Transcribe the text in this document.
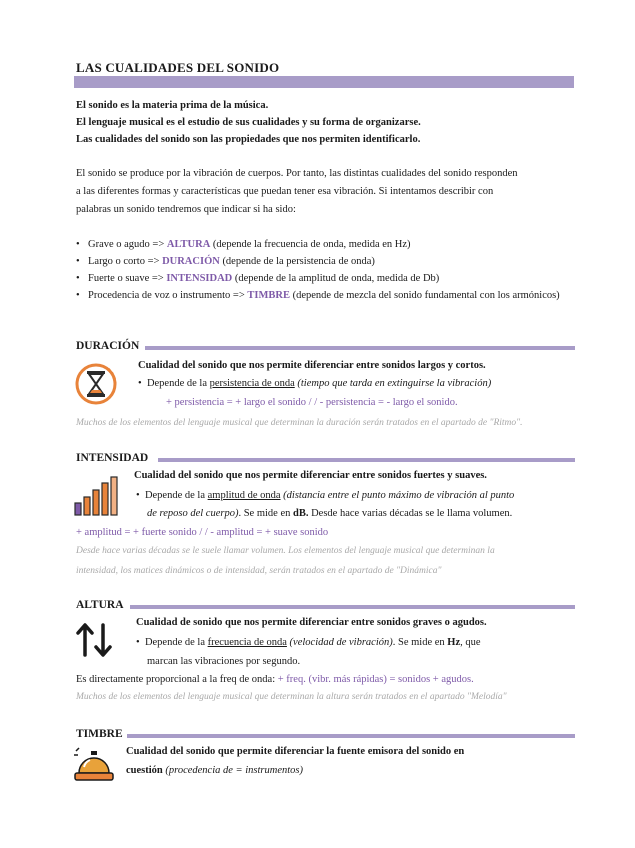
LAS CUALIDADES DEL SONIDO
El sonido es la materia prima de la música.
El lenguaje musical es el estudio de sus cualidades y su forma de organizarse.
Las cualidades del sonido son las propiedades que nos permiten identificarlo.
El sonido se produce por la vibración de cuerpos. Por tanto, las distintas cualidades del sonido responden
a las diferentes formas y características que puedan tener esa vibración. Si intentamos describir con
palabras un sonido tendremos que indicar si ha sido:
• Grave o agudo => ALTURA (depende la frecuencia de onda, medida en Hz)
• Largo o corto => DURACIÓN (depende de la persistencia de onda)
• Fuerte o suave => INTENSIDAD (depende de la amplitud de onda, medida de Db)
• Procedencia de voz o instrumento => TIMBRE (depende de mezcla del sonido fundamental con los armónicos)
DURACIÓN
Cualidad del sonido que nos permite diferenciar entre sonidos largos y cortos.
•  Depende de la persistencia de onda (tiempo que tarda en extinguirse la vibración)
+ persistencia = + largo el sonido / / - persistencia = - largo el sonido.
Muchos de los elementos del lenguaje musical que determinan la duración serán tratados en el apartado de "Ritmo".
INTENSIDAD
Cualidad del sonido que nos permite diferenciar entre sonidos fuertes y suaves.
•  Depende de la amplitud de onda (distancia entre el punto máximo de vibración al punto
de reposo del cuerpo). Se mide en dB. Desde hace varias décadas se le llama volumen.
+ amplitud = + fuerte sonido / / - amplitud = + suave sonido
Desde hace varias décadas se le suele llamar volumen. Los elementos del lenguaje musical que determinan la
intensidad, los matices dinámicos o de intensidad, serán tratados en el apartado de "Dinámica"
ALTURA
Cualidad de sonido que nos permite diferenciar entre sonidos graves o agudos.
•  Depende de la frecuencia de onda (velocidad de vibración). Se mide en Hz, que
marcan las vibraciones por segundo.
Es directamente proporcional a la freq de onda: + freq. (vibr. más rápidas) = sonidos + agudos.
Muchos de los elementos del lenguaje musical que determinan la altura serán tratados en el apartado "Melodía"
TIMBRE
Cualidad del sonido que permite diferenciar la fuente emisora del sonido en
cuestión (procedencia de = instrumentos)
